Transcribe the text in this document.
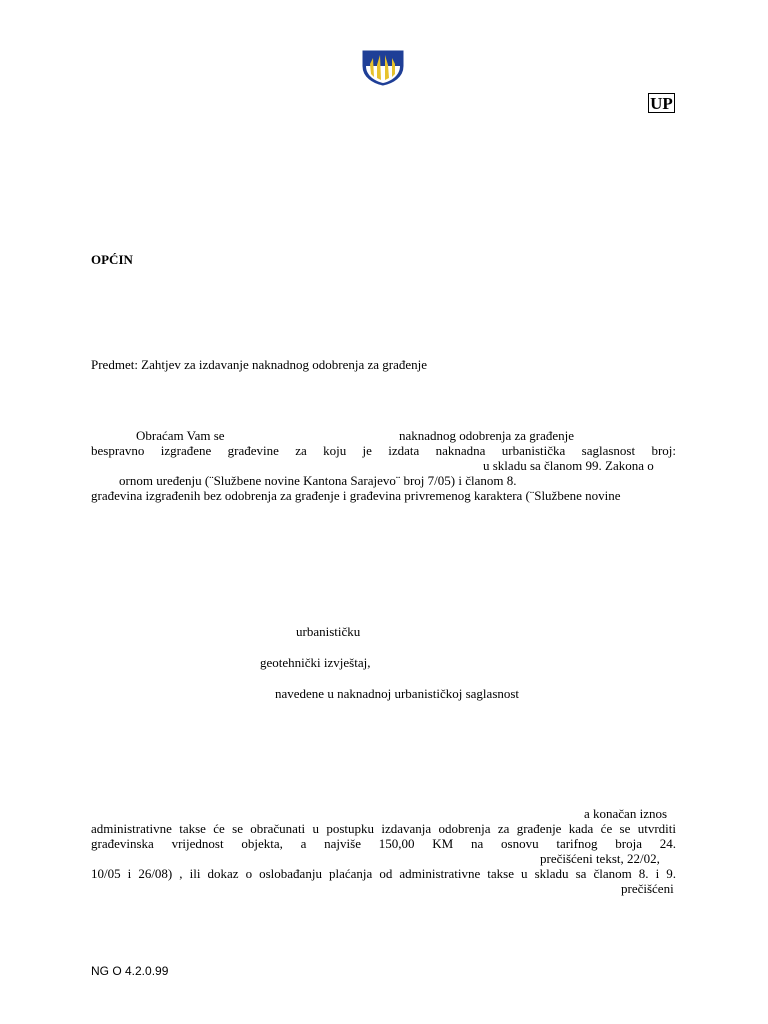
UP
OPĆIN
Predmet: Zahtjev za izdavanje naknadnog odobrenja za građenje
Obraćam Vam se	naknadnog odobrenja za građenje
bespravno izgrađene građevine za koju je izdata naknadna urbanistička saglasnost broj:
u skladu sa članom 99. Zakona o
ornom uređenju (¨Službene novine Kantona Sarajevo¨ broj 7/05) i članom 8.
građevina izgrađenih bez odobrenja za građenje i građevina privremenog karaktera (¨Službene novine
urbanističku
geotehnički izvještaj,
navedene u naknadnoj urbanističkoj saglasnost
a konačan iznos
administrativne takse će se obračunati u postupku izdavanja odobrenja za građenje kada će se utvrditi
građevinska vrijednost objekta, a najviše 150,00 KM na osnovu tarifnog broja 24.
prečišćeni tekst, 22/02,
10/05 i 26/08) , ili dokaz o oslobađanju plaćanja od administrativne takse u skladu sa članom 8. i 9.
prečišćeni
NG O 4.2.0.99
